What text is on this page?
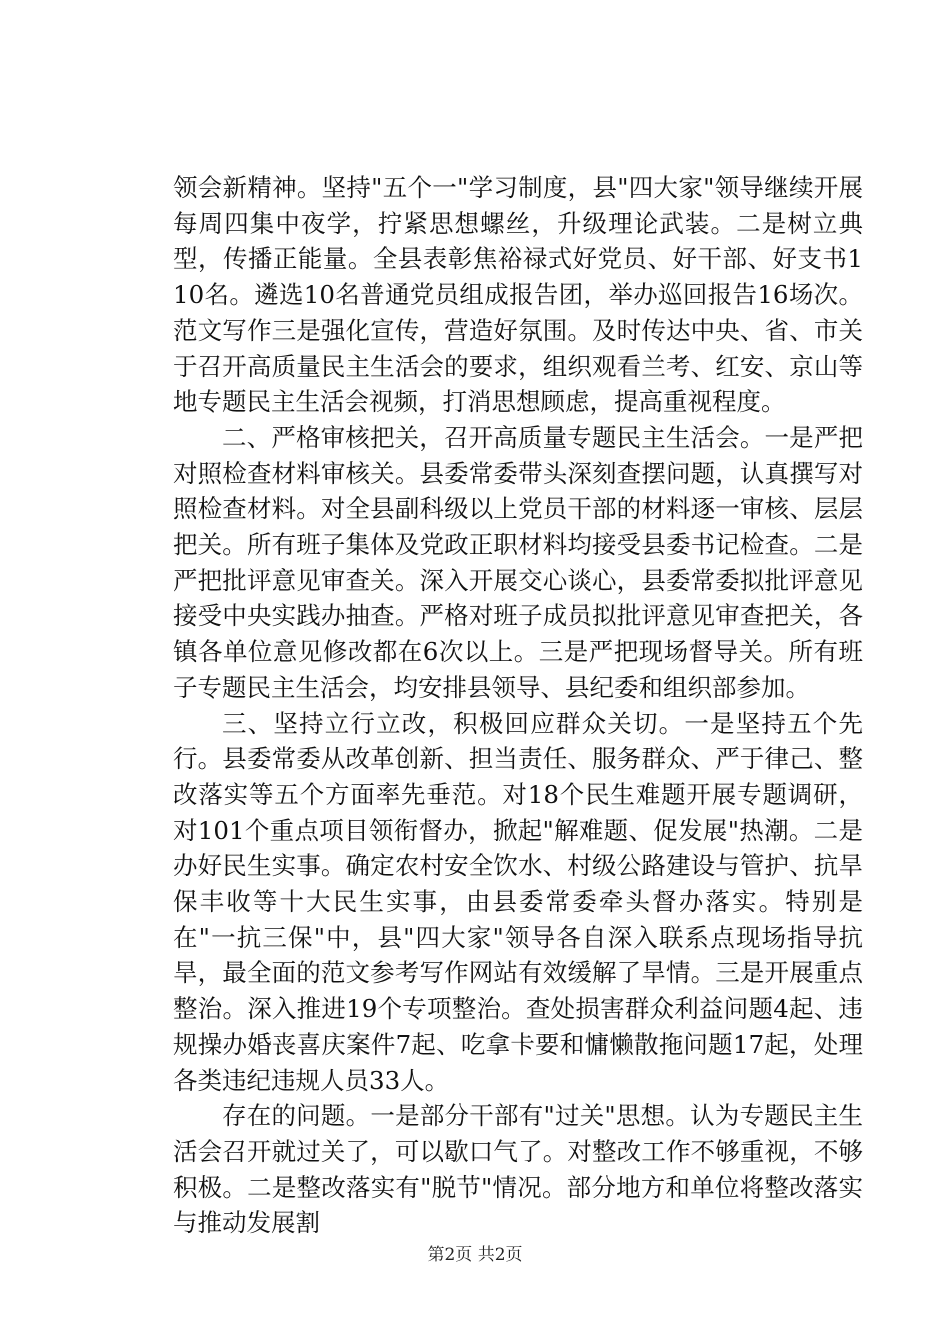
领会新精神。坚持"五个一"学习制度，县"四大家"领导继续开展每周四集中夜学，拧紧思想螺丝，升级理论武装。二是树立典型，传播正能量。全县表彰焦裕禄式好党员、好干部、好支书110名。遴选10名普通党员组成报告团，举办巡回报告16场次。范文写作三是强化宣传，营造好氛围。及时传达中央、省、市关于召开高质量民主生活会的要求，组织观看兰考、红安、京山等地专题民主生活会视频，打消思想顾虑，提高重视程度。

二、严格审核把关，召开高质量专题民主生活会。一是严把对照检查材料审核关。县委常委带头深刻查摆问题，认真撰写对照检查材料。对全县副科级以上党员干部的材料逐一审核、层层把关。所有班子集体及党政正职材料均接受县委书记检查。二是严把批评意见审查关。深入开展交心谈心，县委常委拟批评意见接受中央实践办抽查。严格对班子成员拟批评意见审查把关，各镇各单位意见修改都在6次以上。三是严把现场督导关。所有班子专题民主生活会，均安排县领导、县纪委和组织部参加。

三、坚持立行立改，积极回应群众关切。一是坚持五个先行。县委常委从改革创新、担当责任、服务群众、严于律己、整改落实等五个方面率先垂范。对18个民生难题开展专题调研，对101个重点项目领衔督办，掀起"解难题、促发展"热潮。二是办好民生实事。确定农村安全饮水、村级公路建设与管护、抗旱保丰收等十大民生实事，由县委常委牵头督办落实。特别是在"一抗三保"中，县"四大家"领导各自深入联系点现场指导抗旱，最全面的范文参考写作网站有效缓解了旱情。三是开展重点整治。深入推进19个专项整治。查处损害群众利益问题4起、违规操办婚丧喜庆案件7起、吃拿卡要和慵懒散拖问题17起，处理各类违纪违规人员33人。

存在的问题。一是部分干部有"过关"思想。认为专题民主生活会召开就过关了，可以歇口气了。对整改工作不够重视，不够积极。二是整改落实有"脱节"情况。部分地方和单位将整改落实与推动发展割

第2页 共2页
